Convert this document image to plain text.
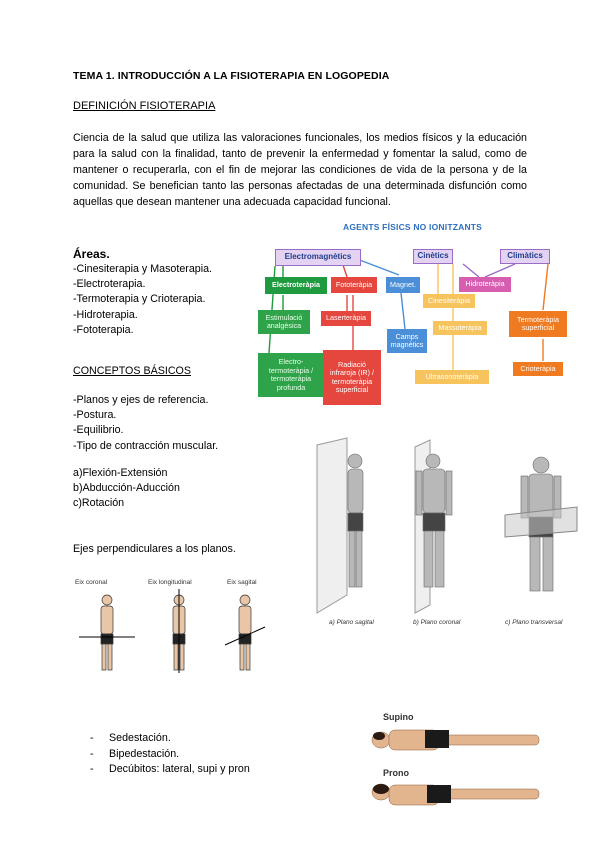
TEMA 1. INTRODUCCIÓN A LA FISIOTERAPIA EN LOGOPEDIA
DEFINICIÓN FISIOTERAPIA
Ciencia de la salud que utiliza las valoraciones funcionales, los medios físicos y la educación para la salud con la finalidad, tanto de prevenir la enfermedad y fomentar la salud, como de mantener o recuperarla, con el fin de mejorar las condiciones de vida de la persona y de la comunidad. Se benefician tanto las personas afectadas de una determinada disfunción como aquellas que desean mantener una adecuada capacidad funcional.
Áreas.
-Cinesiterapia y Masoterapia.
-Electroterapia.
-Termoterapia y Crioterapia.
-Hidroterapia.
-Fototerapia.
CONCEPTOS BÁSICOS
-Planos y ejes de referencia.
-Postura.
-Equilibrio.
-Tipo de contracción muscular.
a)Flexión-Extensión
b)Abducción-Aducción
c)Rotación
Ejes perpendiculares a los planos.
- Sedestación.
- Bipedestación.
- Decúbitos: lateral, supi y pron
AGENTS FÍSICS NO IONITZANTS
Electromagnètics	Cinètics	Climàtics
Electroteràpia	Fototeràpia	Magnet.	Hidroteràpia
Cinesiteràpia
Estimulació analgèsica
Laserteràpia
Massoteràpia
Termoteràpia superficial
Camps magnètics
Electro-termoteràpia / termoteràpia profunda
Radiació infraroja (IR) / termoteràpia superficial
Crioteràpia
Ultrasonoteràpia
a) Plano sagital	b) Plano coronal	c) Plano transversal
Eix coronal	Eix longitudinal	Eix sagital
Supino
Prono
